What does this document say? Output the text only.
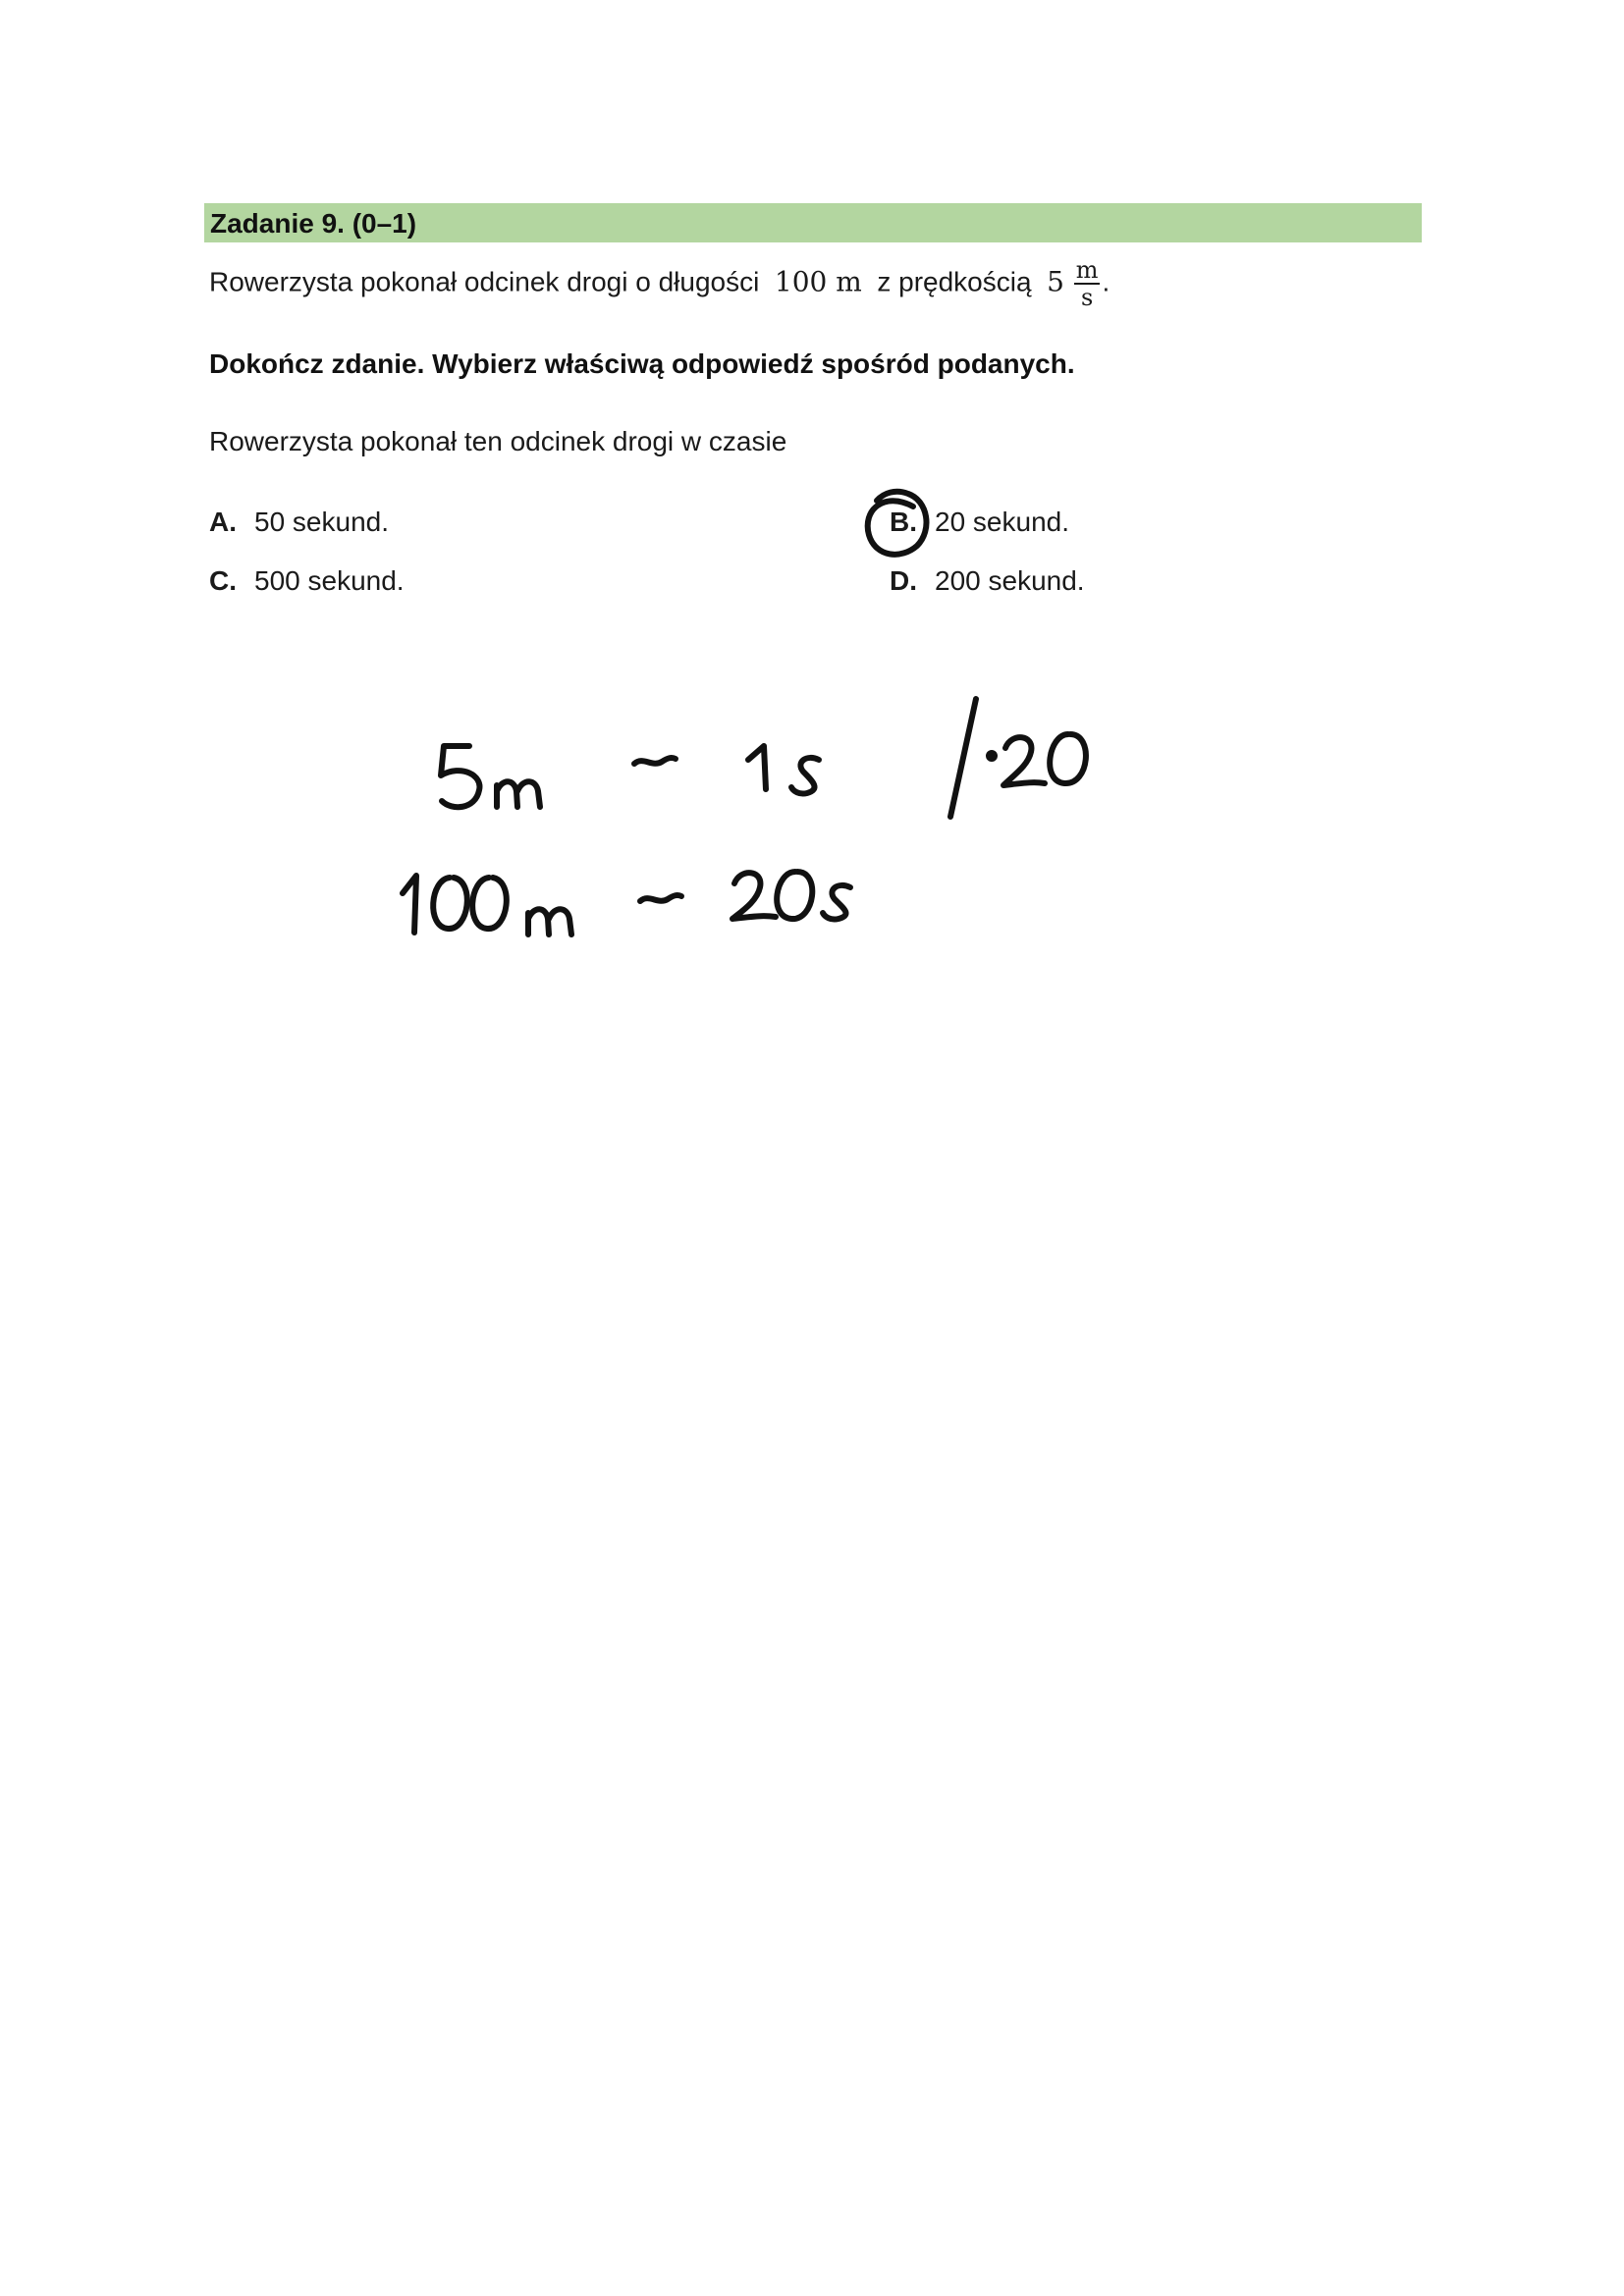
Zadanie 9. (0–1)
Rowerzysta pokonał odcinek drogi o długości 100 m z prędkością $5 \frac{m}{s}$ .
Dokończ zdanie. Wybierz właściwą odpowiedź spośród podanych.
Rowerzysta pokonał ten odcinek drogi w czasie
A. 50 sekund.	B. 20 sekund.
C. 500 sekund.	D. 200 sekund.
